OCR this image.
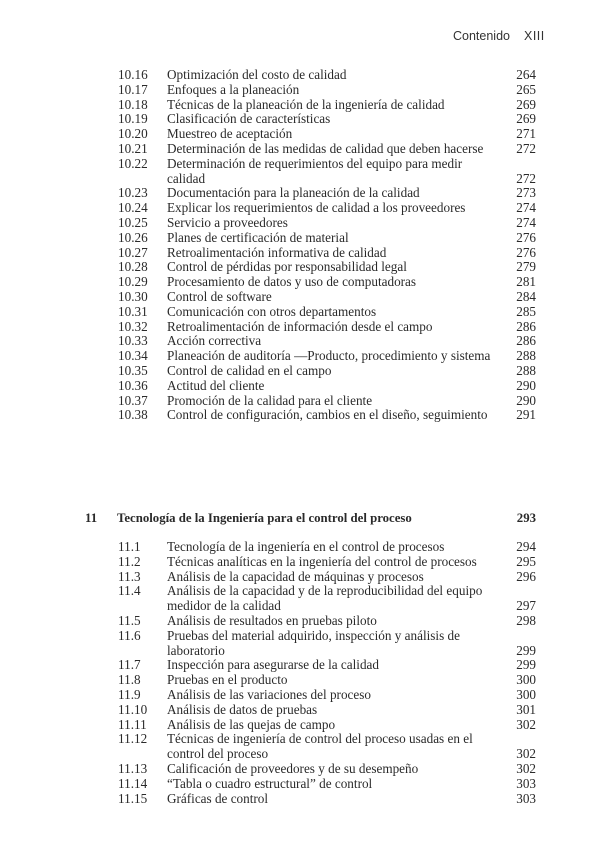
Contenido XIII
10.16 Optimización del costo de calidad	264
10.17 Enfoques a la planeación	265
10.18 Técnicas de la planeación de la ingeniería de calidad	269
10.19 Clasificación de características	269
10.20 Muestreo de aceptación	271
10.21 Determinación de las medidas de calidad que deben hacerse	272
10.22 Determinación de requerimientos del equipo para medir calidad	272
10.23 Documentación para la planeación de la calidad	273
10.24 Explicar los requerimientos de calidad a los proveedores	274
10.25 Servicio a proveedores	274
10.26 Planes de certificación de material	276
10.27 Retroalimentación informativa de calidad	276
10.28 Control de pérdidas por responsabilidad legal	279
10.29 Procesamiento de datos y uso de computadoras	281
10.30 Control de software	284
10.31 Comunicación con otros departamentos	285
10.32 Retroalimentación de información desde el campo	286
10.33 Acción correctiva	286
10.34 Planeación de auditoría —Producto, procedimiento y sistema	288
10.35 Control de calidad en el campo	288
10.36 Actitud del cliente	290
10.37 Promoción de la calidad para el cliente	290
10.38 Control de configuración, cambios en el diseño, seguimiento	291
11 Tecnología de la Ingeniería para el control del proceso	293
11.1 Tecnología de la ingeniería en el control de procesos	294
11.2 Técnicas analíticas en la ingeniería del control de procesos	295
11.3 Análisis de la capacidad de máquinas y procesos	296
11.4 Análisis de la capacidad y de la reproducibilidad del equipo medidor de la calidad	297
11.5 Análisis de resultados en pruebas piloto	298
11.6 Pruebas del material adquirido, inspección y análisis de laboratorio	299
11.7 Inspección para asegurarse de la calidad	299
11.8 Pruebas en el producto	300
11.9 Análisis de las variaciones del proceso	300
11.10 Análisis de datos de pruebas	301
11.11 Análisis de las quejas de campo	302
11.12 Técnicas de ingeniería de control del proceso usadas en el control del proceso	302
11.13 Calificación de proveedores y de su desempeño	302
11.14 “Tabla o cuadro estructural” de control	303
11.15 Gráficas de control	303
